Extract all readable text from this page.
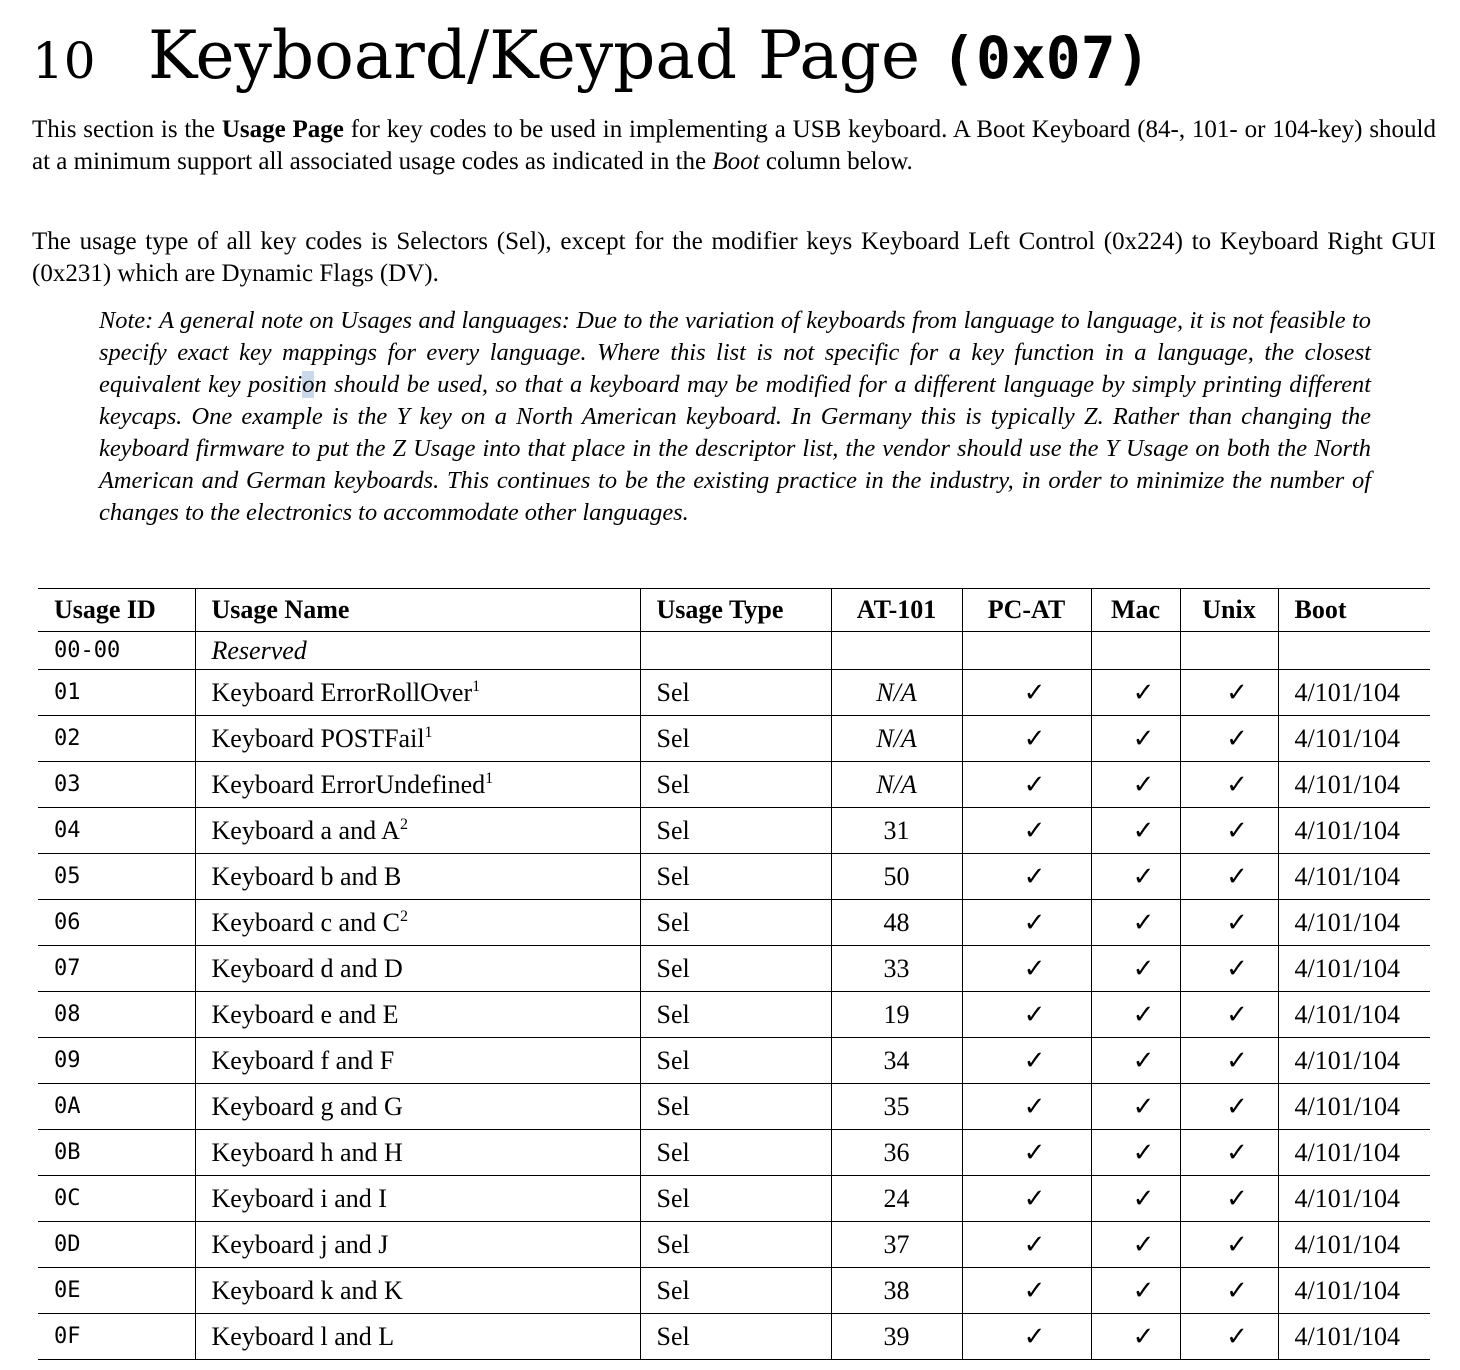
10 Keyboard/Keypad Page (0x07)

This section is the Usage Page for key codes to be used in implementing a USB keyboard. A Boot Keyboard (84-, 101- or 104-key) should at a minimum support all associated usage codes as indicated in the Boot column below.

The usage type of all key codes is Selectors (Sel), except for the modifier keys Keyboard Left Control (0x224) to Keyboard Right GUI (0x231) which are Dynamic Flags (DV).

Note: A general note on Usages and languages: Due to the variation of keyboards from language to language, it is not feasible to specify exact key mappings for every language. Where this list is not specific for a key function in a language, the closest equivalent key position should be used, so that a keyboard may be modified for a different language by simply printing different keycaps. One example is the Y key on a North American keyboard. In Germany this is typically Z. Rather than changing the keyboard firmware to put the Z Usage into that place in the descriptor list, the vendor should use the Y Usage on both the North American and German keyboards. This continues to be the existing practice in the industry, in order to minimize the number of changes to the electronics to accommodate other languages.

Usage ID	Usage Name	Usage Type	AT-101	PC-AT	Mac	Unix	Boot
00-00	Reserved						
01	Keyboard ErrorRollOver$^1$	Sel	N/A	✓	✓	✓	4/101/104
02	Keyboard POSTFail$^1$	Sel	N/A	✓	✓	✓	4/101/104
03	Keyboard ErrorUndefined$^1$	Sel	N/A	✓	✓	✓	4/101/104
04	Keyboard a and $A^2$	Sel	31	✓	✓	✓	4/101/104
05	Keyboard b and B	Sel	50	✓	✓	✓	4/101/104
06	Keyboard c and $C^2$	Sel	48	✓	✓	✓	4/101/104
07	Keyboard d and D	Sel	33	✓	✓	✓	4/101/104
08	Keyboard e and E	Sel	19	✓	✓	✓	4/101/104
09	Keyboard f and F	Sel	34	✓	✓	✓	4/101/104
0A	Keyboard g and G	Sel	35	✓	✓	✓	4/101/104
0B	Keyboard h and H	Sel	36	✓	✓	✓	4/101/104
0C	Keyboard i and I	Sel	24	✓	✓	✓	4/101/104
0D	Keyboard j and J	Sel	37	✓	✓	✓	4/101/104
0E	Keyboard k and K	Sel	38	✓	✓	✓	4/101/104
0F	Keyboard l and L	Sel	39	✓	✓	✓	4/101/104
